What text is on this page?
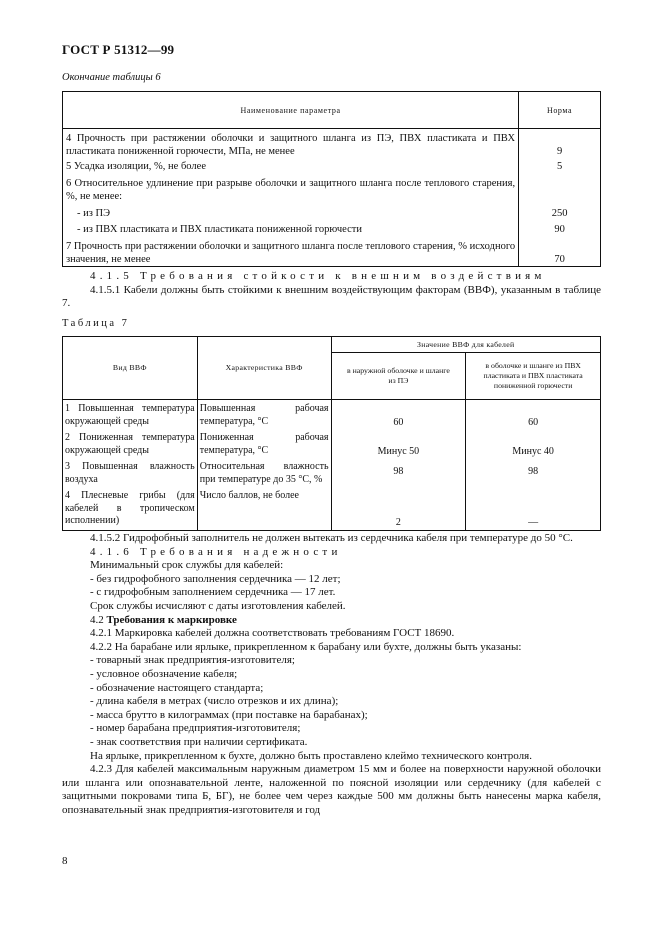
ГОСТ Р 51312—99
Окончание таблицы 6
Наименование параметра	Норма
4 Прочность при растяжении оболочки и защитного шланга из ПЭ, ПВХ пластиката и ПВХ пластиката пониженной горючести, МПа, не менее	9
5 Усадка изоляции, %, не более	5
6 Относительное удлинение при разрыве оболочки и защитного шланга после теплового старения, %, не менее:	
- из ПЭ	250
- из ПВХ пластиката и ПВХ пластиката пониженной горючести	90
7 Прочность при растяжении оболочки и защитного шланга после теплового старения, % исходного значения, не менее	70
4.1.5 Требования стойкости к внешним воздействиям
4.1.5.1 Кабели должны быть стойкими к внешним воздействующим факторам (ВВФ), указанным в таблице 7.
Таблица 7
Вид ВВФ	Характеристика ВВФ	Значение ВВФ для кабелей	
		в наружной оболочке и шланге из ПЭ	в оболочке и шланге из ПВХ пластиката и ПВХ пластиката пониженной горючести
1 Повышенная температура окружающей среды	Повышенная рабочая температура, °С	60	60
2 Пониженная температура окружающей среды	Пониженная рабочая температура, °С	Минус 50	Минус 40
3 Повышенная влажность воздуха	Относительная влажность при температуре до 35 °С, %	98	98
4 Плесневые грибы (для кабелей в тропическом исполнении)	Число баллов, не более	2	—
4.1.5.2 Гидрофобный заполнитель не должен вытекать из сердечника кабеля при температуре до 50 °С.
4.1.6 Требования надежности
Минимальный срок службы для кабелей:
- без гидрофобного заполнения сердечника — 12 лет;
- с гидрофобным заполнением сердечника — 17 лет.
Срок службы исчисляют с даты изготовления кабелей.
4.2 Требования к маркировке
4.2.1 Маркировка кабелей должна соответствовать требованиям ГОСТ 18690.
4.2.2 На барабане или ярлыке, прикрепленном к барабану или бухте, должны быть указаны:
- товарный знак предприятия-изготовителя;
- условное обозначение кабеля;
- обозначение настоящего стандарта;
- длина кабеля в метрах (число отрезков и их длина);
- масса брутто в килограммах (при поставке на барабанах);
- номер барабана предприятия-изготовителя;
- знак соответствия при наличии сертификата.
На ярлыке, прикрепленном к бухте, должно быть проставлено клеймо технического контроля.
4.2.3 Для кабелей максимальным наружным диаметром 15 мм и более на поверхности наружной оболочки или шланга или опознавательной ленте, наложенной по поясной изоляции или сердечнику (для кабелей с защитными покровами типа Б, БГ), не более чем через каждые 500 мм должны быть нанесены марка кабеля, опознавательный знак предприятия-изготовителя и год
8
